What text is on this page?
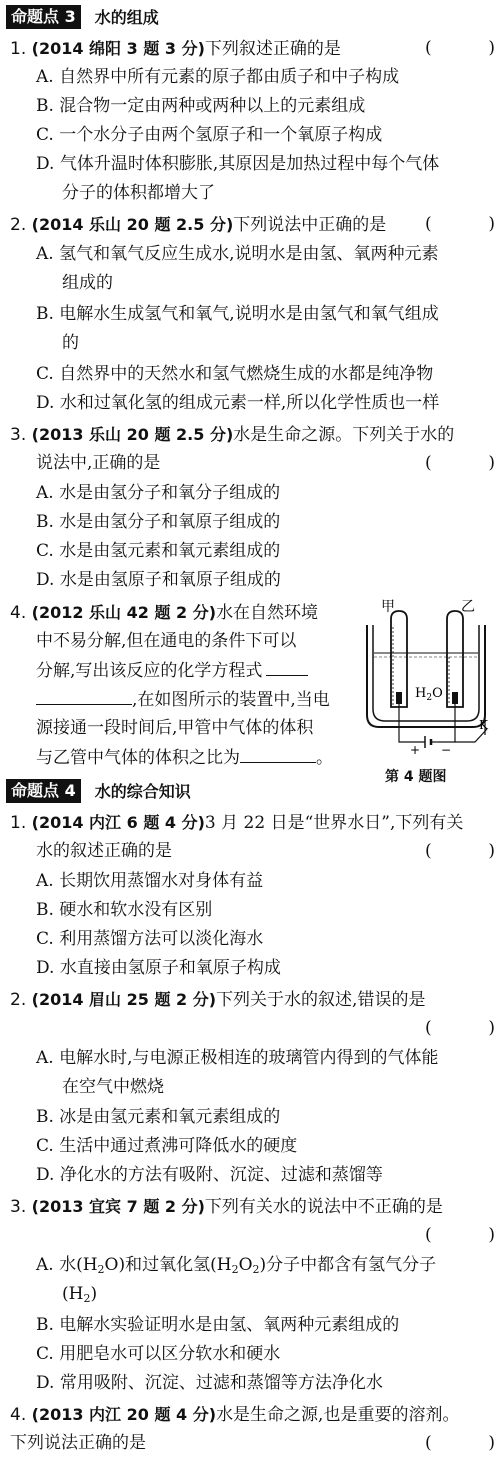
命题点 3	水的组成
1. (2014 绵阳 3 题 3 分)下列叙述正确的是	(	)
A. 自然界中所有元素的原子都由质子和中子构成
B. 混合物一定由两种或两种以上的元素组成
C. 一个水分子由两个氢原子和一个氧原子构成
D. 气体升温时体积膨胀,其原因是加热过程中每个气体
分子的体积都增大了
2. (2014 乐山 20 题 2.5 分)下列说法中正确的是 (	)
A. 氢气和氧气反应生成水,说明水是由氢、氧两种元素
组成的
B. 电解水生成氢气和氧气,说明水是由氢气和氧气组成
的
C. 自然界中的天然水和氢气燃烧生成的水都是纯净物
D. 水和过氧化氢的组成元素一样,所以化学性质也一样
3. (2013 乐山 20 题 2.5 分)水是生命之源。下列关于水的
说法中,正确的是	(	)
A. 水是由氢分子和氧分子组成的
B. 水是由氢分子和氧原子组成的
C. 水是由氢元素和氧元素组成的
D. 水是由氢原子和氧原子组成的
4. (2012 乐山 42 题 2 分)水在自然环境
中不易分解,但在通电的条件下可以
分解,写出该反应的化学方程式
,在如图所示的装置中,当电
源接通一段时间后,甲管中气体的体积
与乙管中气体的体积之比为	。
甲	乙
$H_2O$
+ −
K
第 4 题图
命题点 4	水的综合知识
1. (2014 内江 6 题 4 分)3 月 22 日是“世界水日”,下列有关
水的叙述正确的是	(	)
A. 长期饮用蒸馏水对身体有益
B. 硬水和软水没有区别
C. 利用蒸馏方法可以淡化海水
D. 水直接由氢原子和氧原子构成
2. (2014 眉山 25 题 2 分)下列关于水的叙述,错误的是
(	)
A. 电解水时,与电源正极相连的玻璃管内得到的气体能
在空气中燃烧
B. 冰是由氢元素和氧元素组成的
C. 生活中通过煮沸可降低水的硬度
D. 净化水的方法有吸附、沉淀、过滤和蒸馏等
3. (2013 宜宾 7 题 2 分)下列有关水的说法中不正确的是
(	)
A. 水$(H_2O)$和过氧化氢$(H_2O_2)$分子中都含有氢气分子
$(H_2)$
B. 电解水实验证明水是由氢、氧两种元素组成的
C. 用肥皂水可以区分软水和硬水
D. 常用吸附、沉淀、过滤和蒸馏等方法净化水
4. (2013 内江 20 题 4 分)水是生命之源,也是重要的溶剂。
下列说法正确的是	(	)
